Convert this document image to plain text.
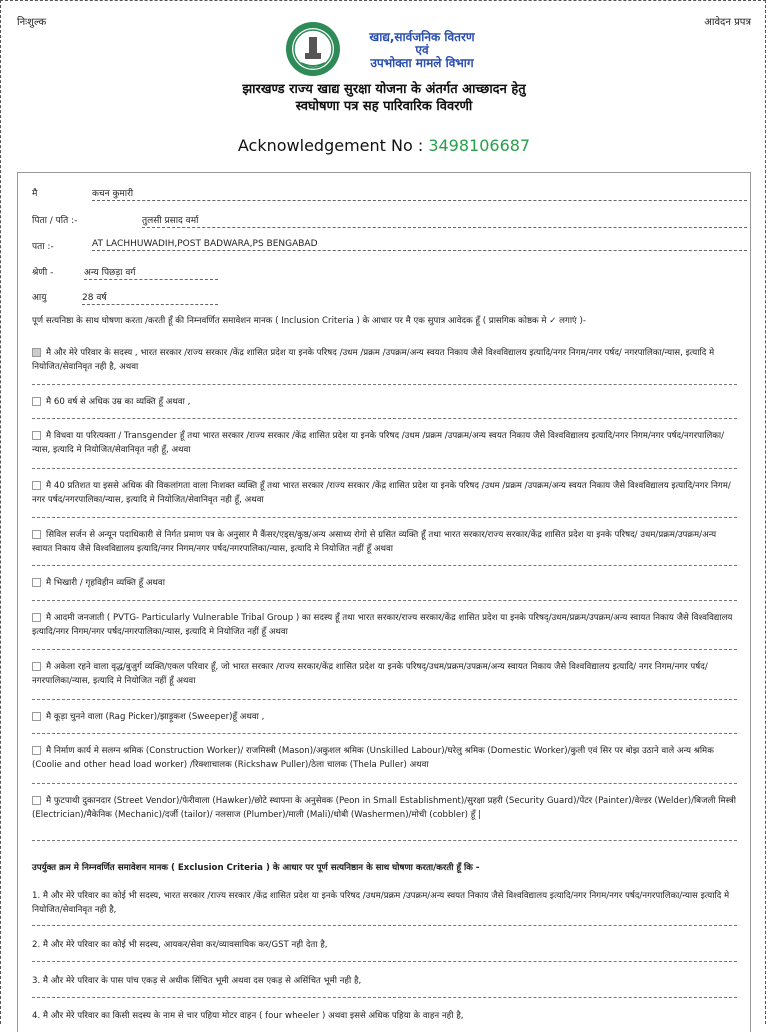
निःशुल्क	आवेदन प्रपत्र
खाद्य,सार्वजनिक वितरण
एवं
उपभोक्ता मामले विभाग
झारखण्ड राज्य खाद्य सुरक्षा योजना के अंतर्गत आच्छादन हेतु
स्वघोषणा पत्र सह पारिवारिक विवरणी
Acknowledgement No : 3498106687
मै	कचन कुमारी
पिता / पति :-	तुलसी प्रसाद वर्मा
पता :-	AT LACHHUWADIH,POST BADWARA,PS BENGABAD
श्रेणी -	अन्य पिछड़ा वर्ग
आयु	28 वर्ष
पूर्ण सत्यनिष्ठा के साथ घोषणा करता /करती हूँ की निम्नवर्णित समावेशन मानक ( Inclusion Criteria ) के आधार पर मै एक सुपात्र आवेदक हूँ ( प्रासगिक कोष्ठक मे ✓ लगाएं )-
मै और मेरे परिवार के सदस्य , भारत सरकार /राज्य सरकार /केंद्र शासित प्रदेश या इनके परिषद /उधम /प्रक्रम /उपक्रम/अन्य स्वयत निकाय जैसे विश्वविद्यालय इत्यादि/नगर निगम/नगर पर्षद/ नगरपालिका/न्यास, इत्यादि मे नियोजित/सेवानिवृत नही है, अथवा
मै 60 वर्ष से अधिक उम्र का व्यक्ति हूँ अथवा ,
मै विधवा या परित्यक्ता / Transgender हूँ तथा भारत सरकार /राज्य सरकार /केंद्र शासित प्रदेश या इनके परिषद /उधम /प्रक्रम /उपक्रम/अन्य स्वयत निकाय जैसे विश्वविद्यालय इत्यादि/नगर निगम/नगर पर्षद/नगरपालिका/न्यास, इत्यादि मे नियोजित/सेवानिवृत नही हूँ, अथवा
मै 40 प्रतिशत या इससे अधिक की विकलांगता वाला निःशक्त व्यक्ति हूँ तथा भारत सरकार /राज्य सरकार /केंद्र शासित प्रदेश या इनके परिषद /उधम /प्रक्रम /उपक्रम/अन्य स्वयत निकाय जैसे विश्वविद्यालय इत्यादि/नगर निगम/नगर पर्षद/नगरपालिका/न्यास, इत्यादि मे नियोजित/सेवानिवृत नही हूँ, अथवा
सिविल सर्जन से अन्यून पदाधिकारी से निर्गत प्रमाण पत्र के अनुसार मै कैंसर/एड्स/कुष्ठ/अन्य असाध्य रोगो से ग्रसित व्यक्ति हूँ तथा भारत सरकार/राज्य सरकार/केंद्र शासित प्रदेश या इनके परिषद/ उधम/प्रक्रम/उपक्रम/अन्य स्वायत निकाय जैसे विश्वविद्यालय इत्यादि/नगर निगम/नगर पर्षद/नगरपालिका/न्यास, इत्यादि मे नियोजित नहीं हूँ अथवा
मै भिखारी / गृहविहीन व्यक्ति हूँ अथवा
मै आदमी जनजाती ( PVTG- Particularly Vulnerable Tribal Group ) का सदस्य हूँ तथा भारत सरकार/राज्य सरकार/केंद्र शासित प्रदेश या इनके परिषद्/उधम/प्रक्रम/उपक्रम/अन्य स्वायत निकाय जैसे विश्वविद्यालय इत्यादि/नगर निगम/नगर पर्षद/नगरपालिका/न्यास, इत्यादि मे नियोजित नहीं हूँ अथवा
मै अकेला रहने वाला वृद्ध/बुजुर्ग व्यक्ति/एकल परिवार हूँ, जो भारत सरकार /राज्य सरकार/केंद्र शासित प्रदेश या इनके परिषद्/उधम/प्रक्रम/उपक्रम/अन्य स्वायत निकाय जैसे विश्वविद्यालय इत्यादि/ नगर निगम/नगर पर्षद/नगरपालिका/न्यास, इत्यादि मे नियोजित नहीं हूँ अथवा
मै कूड़ा चुनने वाला (Rag Picker)/झाड़ूकश (Sweeper)हूँ अथवा ,
मै निर्माण कार्य मे सलग्न श्रमिक (Construction Worker)/ राजमिस्त्री (Mason)/अकुशल श्रमिक (Unskilled Labour)/घरेलु श्रमिक (Domestic Worker)/कुली एवं सिर पर बोझ उठाने वाले अन्य श्रमिक (Coolie and other head load worker) /रिक्शाचालक (Rickshaw Puller)/ठेला चालक (Thela Puller) अथवा
मै फुटपाथी दुकानदार (Street Vendor)/फेरीवाला (Hawker)/छोटे स्थापना के अनुसेवक (Peon in Small Establishment)/सुरक्षा प्रहरी (Security Guard)/पेंटर (Painter)/वेल्डर (Welder)/बिजली मिस्त्री (Electrician)/मैकेनिक (Mechanic)/दर्जी (tailor)/ नलसाज (Plumber)/माली (Mali)/धोबी (Washermen)/मोची (cobbler) हूँ |
उपर्युक्त क्रम मे निम्नवर्णित समावेशन मानक ( Exclusion Criteria ) के आधार पर पूर्ण सत्यनिष्ठान के साथ घोषणा करता/करती हूँ कि -
1. मै और मेरे परिवार का कोई भी सदस्य, भारत सरकार /राज्य सरकार /केंद्र शासित प्रदेश या इनके परिषद /उधम/प्रक्रम /उपक्रम/अन्य स्वयत निकाय जैसे विश्वविद्यालय इत्यादि/नगर निगम/नगर पर्षद/नगरपालिका/न्यास इत्यादि मे नियोजित/सेवानिवृत नही है,
2. मै और मेरे परिवार का कोई भी सदस्य, आयकर/सेवा कर/व्यावसायिक कर/GST नही देता है,
3. मै और मेरे परिवार के पास पांच एकड़ से अधीक सिंचित भूमी अथवा दस एकड़ से असिंचित भूमी नही है,
4. मै और मेरे परिवार का किसी सदस्य के नाम से चार पहिया मोटर वाहन ( four wheeler ) अथवा इससे अधिक पहिया के वाहन नही है,
